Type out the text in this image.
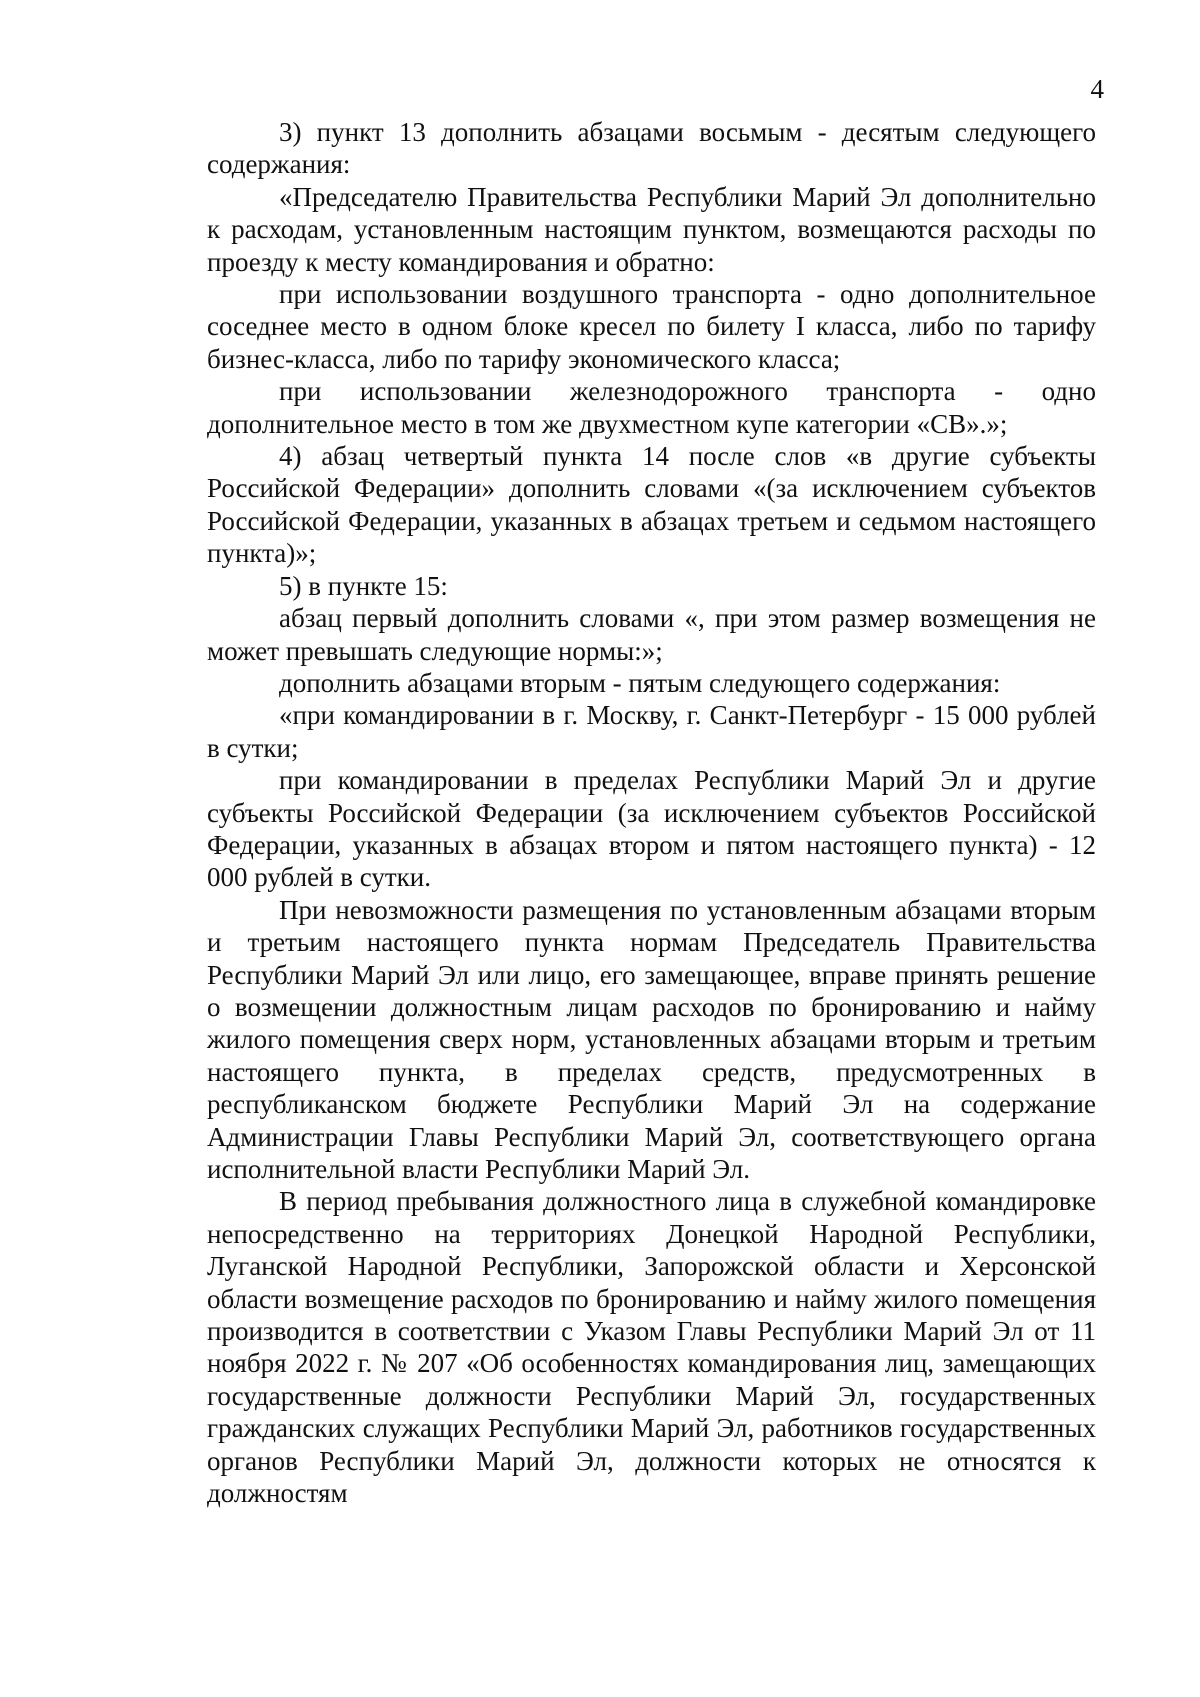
4

3) пункт 13 дополнить абзацами восьмым - десятым следующего содержания:

«Председателю Правительства Республики Марий Эл дополнительно к расходам, установленным настоящим пунктом, возмещаются расходы по проезду к месту командирования и обратно:

при использовании воздушного транспорта - одно дополнительное соседнее место в одном блоке кресел по билету I класса, либо по тарифу бизнес-класса, либо по тарифу экономического класса;

при использовании железнодорожного транспорта - одно дополнительное место в том же двухместном купе категории «СВ».»;

4) абзац четвертый пункта 14 после слов «в другие субъекты Российской Федерации» дополнить словами «(за исключением субъектов Российской Федерации, указанных в абзацах третьем и седьмом настоящего пункта)»;

5) в пункте 15:

абзац первый дополнить словами «, при этом размер возмещения не может превышать следующие нормы:»;

дополнить абзацами вторым - пятым следующего содержания:

«при командировании в г. Москву, г. Санкт-Петербург - 15 000 рублей в сутки;

при командировании в пределах Республики Марий Эл и другие субъекты Российской Федерации (за исключением субъектов Российской Федерации, указанных в абзацах втором и пятом настоящего пункта) - 12 000 рублей в сутки.

При невозможности размещения по установленным абзацами вторым и третьим настоящего пункта нормам Председатель Правительства Республики Марий Эл или лицо, его замещающее, вправе принять решение о возмещении должностным лицам расходов по бронированию и найму жилого помещения сверх норм, установленных абзацами вторым и третьим настоящего пункта, в пределах средств, предусмотренных в республиканском бюджете Республики Марий Эл на содержание Администрации Главы Республики Марий Эл, соответствующего органа исполнительной власти Республики Марий Эл.

В период пребывания должностного лица в служебной командировке непосредственно на территориях Донецкой Народной Республики, Луганской Народной Республики, Запорожской области и Херсонской области возмещение расходов по бронированию и найму жилого помещения производится в соответствии с Указом Главы Республики Марий Эл от 11 ноября 2022 г. № 207 «Об особенностях командирования лиц, замещающих государственные должности Республики Марий Эл, государственных гражданских служащих Республики Марий Эл, работников государственных органов Республики Марий Эл, должности которых не относятся к должностям
